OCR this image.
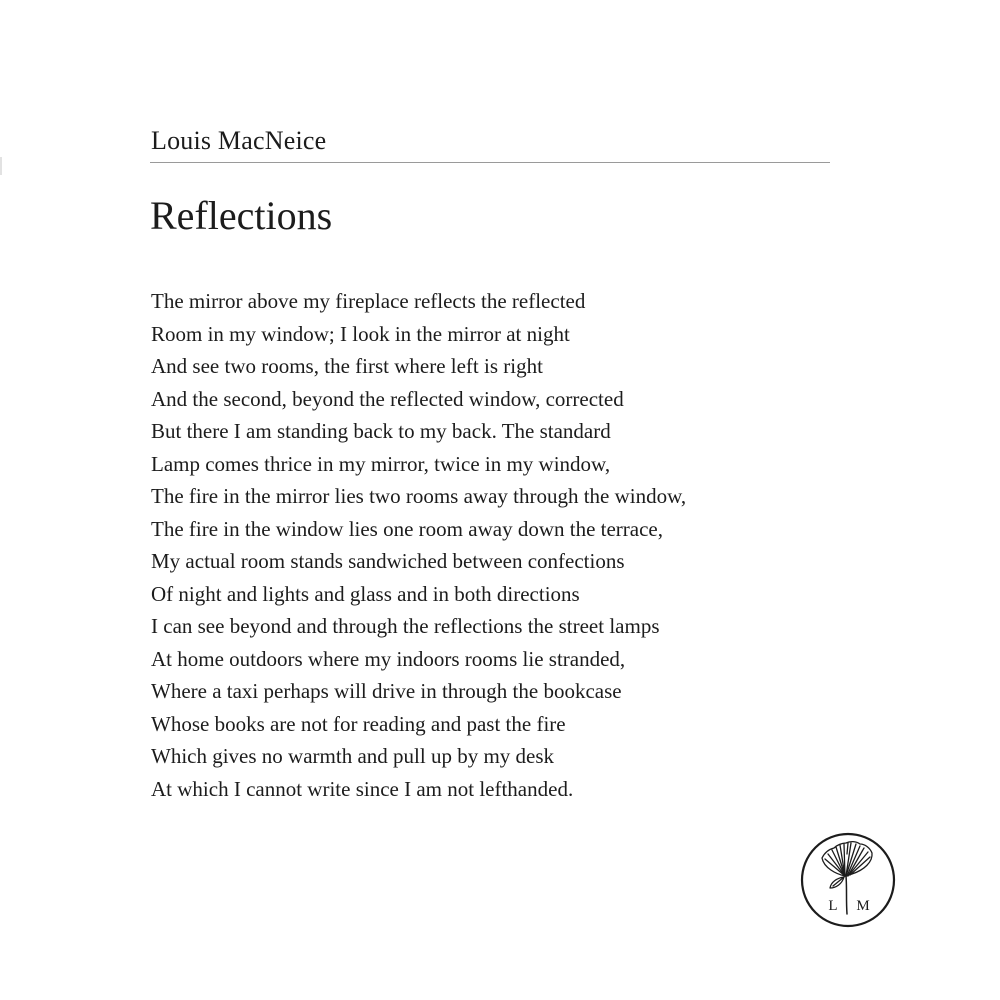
Louis MacNeice
Reflections
The mirror above my fireplace reflects the reflected
Room in my window; I look in the mirror at night
And see two rooms, the first where left is right
And the second, beyond the reflected window, corrected
But there I am standing back to my back. The standard
Lamp comes thrice in my mirror, twice in my window,
The fire in the mirror lies two rooms away through the window,
The fire in the window lies one room away down the terrace,
My actual room stands sandwiched between confections
Of night and lights and glass and in both directions
I can see beyond and through the reflections the street lamps
At home outdoors where my indoors rooms lie stranded,
Where a taxi perhaps will drive in through the bookcase
Whose books are not for reading and past the fire
Which gives no warmth and pull up by my desk
At which I cannot write since I am not lefthanded.
L M
